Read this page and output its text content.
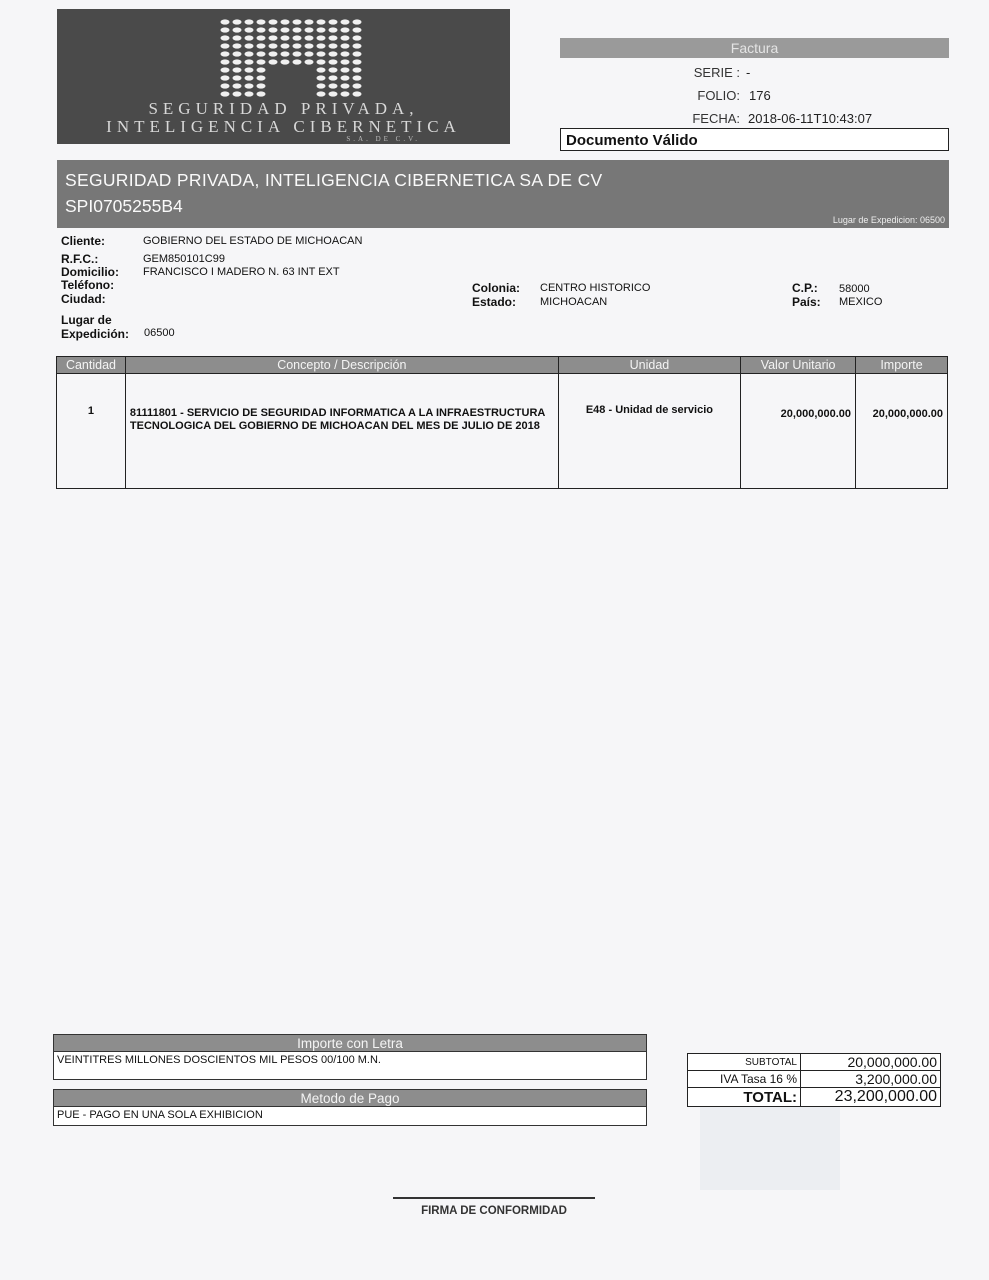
SEGURIDAD PRIVADA,
INTELIGENCIA CIBERNETICA
S.A. DE C.V.
Factura
SERIE : -
FOLIO: 176
FECHA: 2018-06-11T10:43:07
Documento Válido
SEGURIDAD PRIVADA, INTELIGENCIA CIBERNETICA SA DE CV
SPI0705255B4
Lugar de Expedicion: 06500
Cliente:	GOBIERNO DEL ESTADO DE MICHOACAN
R.F.C.:	GEM850101C99
Domicilio: FRANCISCO I MADERO N. 63 INT EXT
Teléfono:
Ciudad:
Colonia: CENTRO HISTORICO
Estado: MICHOACAN
C.P.: 58000
País: MEXICO
Lugar de
Expedición: 06500
Cantidad	Concepto / Descripción	Unidad	Valor Unitario	Importe
1	81111801 - SERVICIO DE SEGURIDAD INFORMATICA A LA INFRAESTRUCTURA TECNOLOGICA DEL GOBIERNO DE MICHOACAN DEL MES DE JULIO DE 2018	E48 - Unidad de servicio	20,000,000.00	20,000,000.00
Importe con Letra
VEINTITRES MILLONES DOSCIENTOS MIL PESOS 00/100 M.N.
Metodo de Pago
PUE - PAGO EN UNA SOLA EXHIBICION
SUBTOTAL	20,000,000.00
IVA Tasa 16 %	3,200,000.00
TOTAL:	23,200,000.00
FIRMA DE CONFORMIDAD
